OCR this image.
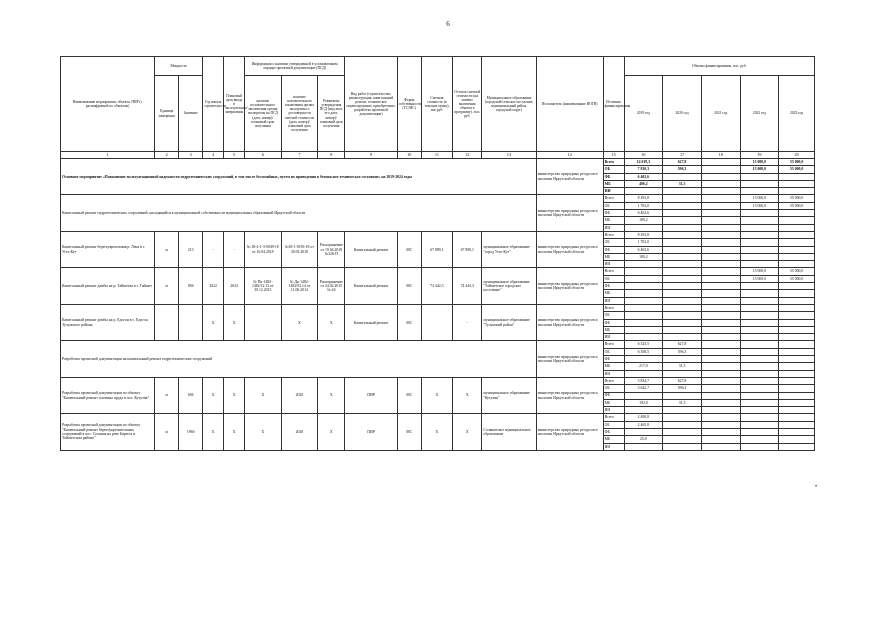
6
Наименование мероприятия, объекта, ПИР (с расшифровкой по объектам)	Мощность		Год начала строительства	Плановый срок ввода в эксплуатацию/завершения	Информация о наличии утвержденной в установленном порядке проектной документации (ПСД)			Вид работ (строительство, реконструкция, капитальный ремонт, техническое перевооружение, приобретение, разработка проектной документации)	Форма собственности (ГС/МС)	Сметная стоимость (в текущих ценах), тыс.руб.	Остаток сметной стоимости (на момент включения объекта в программу), тыс. руб.	Муниципальное образование (городской/сельское поселение, муниципальный район, городской округ)	Исполнитель (наименование ИОГВ)	Источник финансирования	Объемы финансирования, тыс. руб.				
	Единица измерения	Значение			наличие положительного заключения органа экспертизы на ПСД (дата, номер)/плановый срок получения	наличие положительного заключения органа экспертизы о достоверности сметной стоимости (дата, номер)/плановый срок получения	Реквизиты утверждения ПСД (вид акта, его дата, номер)/плановый срок получения								2019 год	2020 год	2021 год	2022 год	2023 год

1	2	3	4	5	6	7	8	9	10	11	12	13	14	15	16	17	18	19	20
Основное мероприятие «Повышение эксплуатационной надежности гидротехнических сооружений, в том числе бесхозяйных, путем их приведения в безопасное техническое состояние» на 2019-2024 годы													министерство природных ресурсов и экологии Иркутской области	Всего	14 619,3	627,8		15 000,0	55 000,0
														ОБ	7 810,3	596,3		15 000,0	55 000,0
														ФБ	6 402,6				
														МБ	406,2	31,5			
														ИИ					
Капитальный ремонт гидротехнических сооружений, находящийся в муниципальной собственности муниципальных образований Иркутской области													министерство природных ресурсов и экологии Иркутской области	Всего	8 293,8			15 000,0	55 000,0
														ОБ	1 702,0			15 000,0	55 000,0
														ФБ	6 402,6				
														МБ	189,2				
														ИИ					
Капитальный ремонт берегоукрепления р. Лена в г. Усть-Кут	м	213	-	-	№ 38-2-1-3-0049-18 от 16.04.2018	№38-1-0183-18 от 30.03.2018	Распоряжение от 19.04.2018 №326-П	Капитальный ремонт	МС	67 889,1	67 890,1	муниципальное образование "город Усть-Кут"	министерство природных ресурсов и экологии Иркутской области	Всего	8 293,8				
														ОБ	1 702,0				
														ФБ	6 402,6				
														МБ	189,2				
														ИИ					
Капитальный ремонт дамбы на р. Тайшетка в г. Тайшет	м	856	2022	2023	№ Пк-1482-1482/12.13 от 30.12.2013	№ Дк-1482-1482/03.14 от 11.06.2014	Распоряжение от 24.02.2015 № 44	Капитальный ремонт	МС	74 442,3	74 443,3	муниципальное образование "Тайшетское городское поселение"	министерство природных ресурсов и экологии Иркутской области	Всего				15 000,0	55 000,0
														ОБ				15 000,0	55 000,0
														ФБ					
														МБ					
														ИИ					
Капитальный ремонт дамбы на р. Едогон в с. Едогон Тулунского района			Х	Х		Х	Х	Капитальный ремонт	МС		-	муниципальное образование "Тулунский район"	министерство природных ресурсов и экологии Иркутской области	Всего					
														ОБ					
														ФБ					
														МБ					
														ИИ					
Разработка проектной документации на капитальный ремонт гидротехнических сооружений													министерство природных ресурсов и экологии Иркутской области	Всего	6 325,5	627,8			
														ОБ	6 108,5	596,3			
														ФБ					
														МБ	217,0	31,5			
														ИИ					
Разработка проектной документации по объекту "Капитальный ремонт плотины пруда в пос. Кутулик"	м	694	Х	Х	Х	2020	Х	ПИР	МС	Х	Х	муниципальное образование "Кутулик"	министерство природных ресурсов и экологии Иркутской области	Всего	3 834,7	627,8			
														ОБ	3 642,7	596,3			
														ФБ					
														МБ	192,0	31,5			
														ИИ					
Разработка проектной документации по объекту "Капитальный ремонт берегоукрепительных сооружений в пос. Соляная на реке Бирюса в Тайшетском районе"	м	1960	Х	Х	Х	2020	Х	ПИР	МС	Х	Х	Соляновское муниципальное образование	министерство природных ресурсов и экологии Иркутской области	Всего	2 490,8				
														ОБ	2 465,8				
														ФБ					
														МБ	25,0				
														ИИ					
•
